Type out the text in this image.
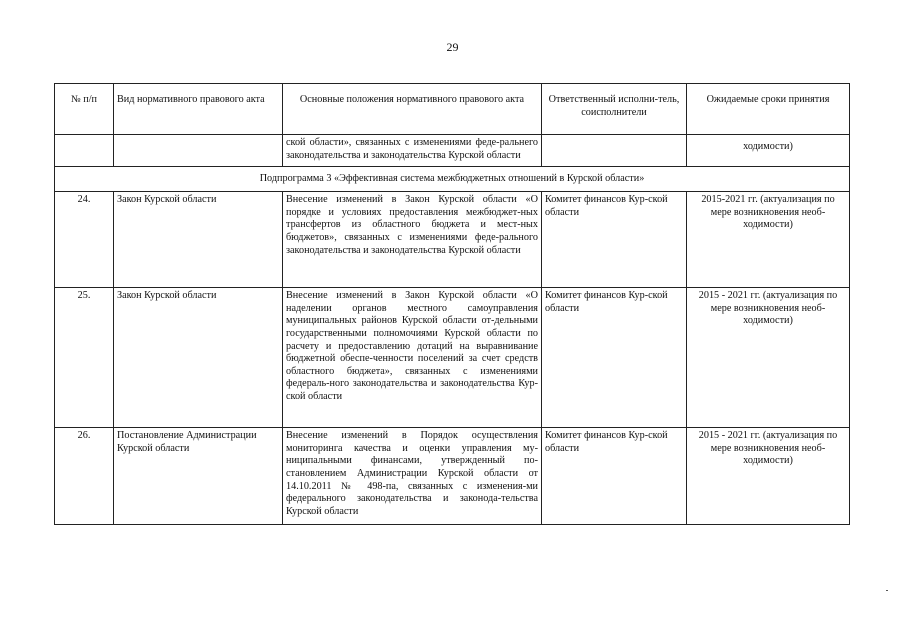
29
№ п/п	Вид нормативного правового акта	Основные положения нормативного правового акта	Ответственный исполни-тель, соисполнители	Ожидаемые сроки принятия
		ской области», связанных с изменениями феде-ральнего законодательства и законодательства Курской области		ходимости)
Подпрограмма 3 «Эффективная система межбюджетных отношений в Курской области»				
24.	Закон Курской области	Внесение изменений в Закон Курской области «О порядке и условиях предоставления межбюджет-ных трансфертов из областного бюджета и мест-ных бюджетов», связанных с изменениями феде-рального законодательства и законодательства Курской области	Комитет финансов Кур-ской области	2015-2021 гг. (актуализация по мере возникновения необ-ходимости)
25.	Закон Курской области	Внесение изменений в Закон Курской области «О наделении органов местного самоуправления муниципальных районов Курской области от-дельными государственными полномочиями Курской области по расчету и предоставлению дотаций на выравнивание бюджетной обеспе-ченности поселений за счет средств областного бюджета», связанных с изменениями федераль-ного законодательства и законодательства Кур-ской области	Комитет финансов Кур-ской области	2015 - 2021 гг. (актуализация по мере возникновения необ-ходимости)
26.	Постановление Администрации Курской области	Внесение изменений в Порядок осуществления мониторинга качества и оценки управления му-ниципальными финансами, утвержденный по-становлением Администрации Курской области от 14.10.2011 № 498-па, связанных с изменения-ми федерального законодательства и законода-тельства Курской области	Комитет финансов Кур-ской области	2015 - 2021 гг. (актуализация по мере возникновения необ-ходимости)
